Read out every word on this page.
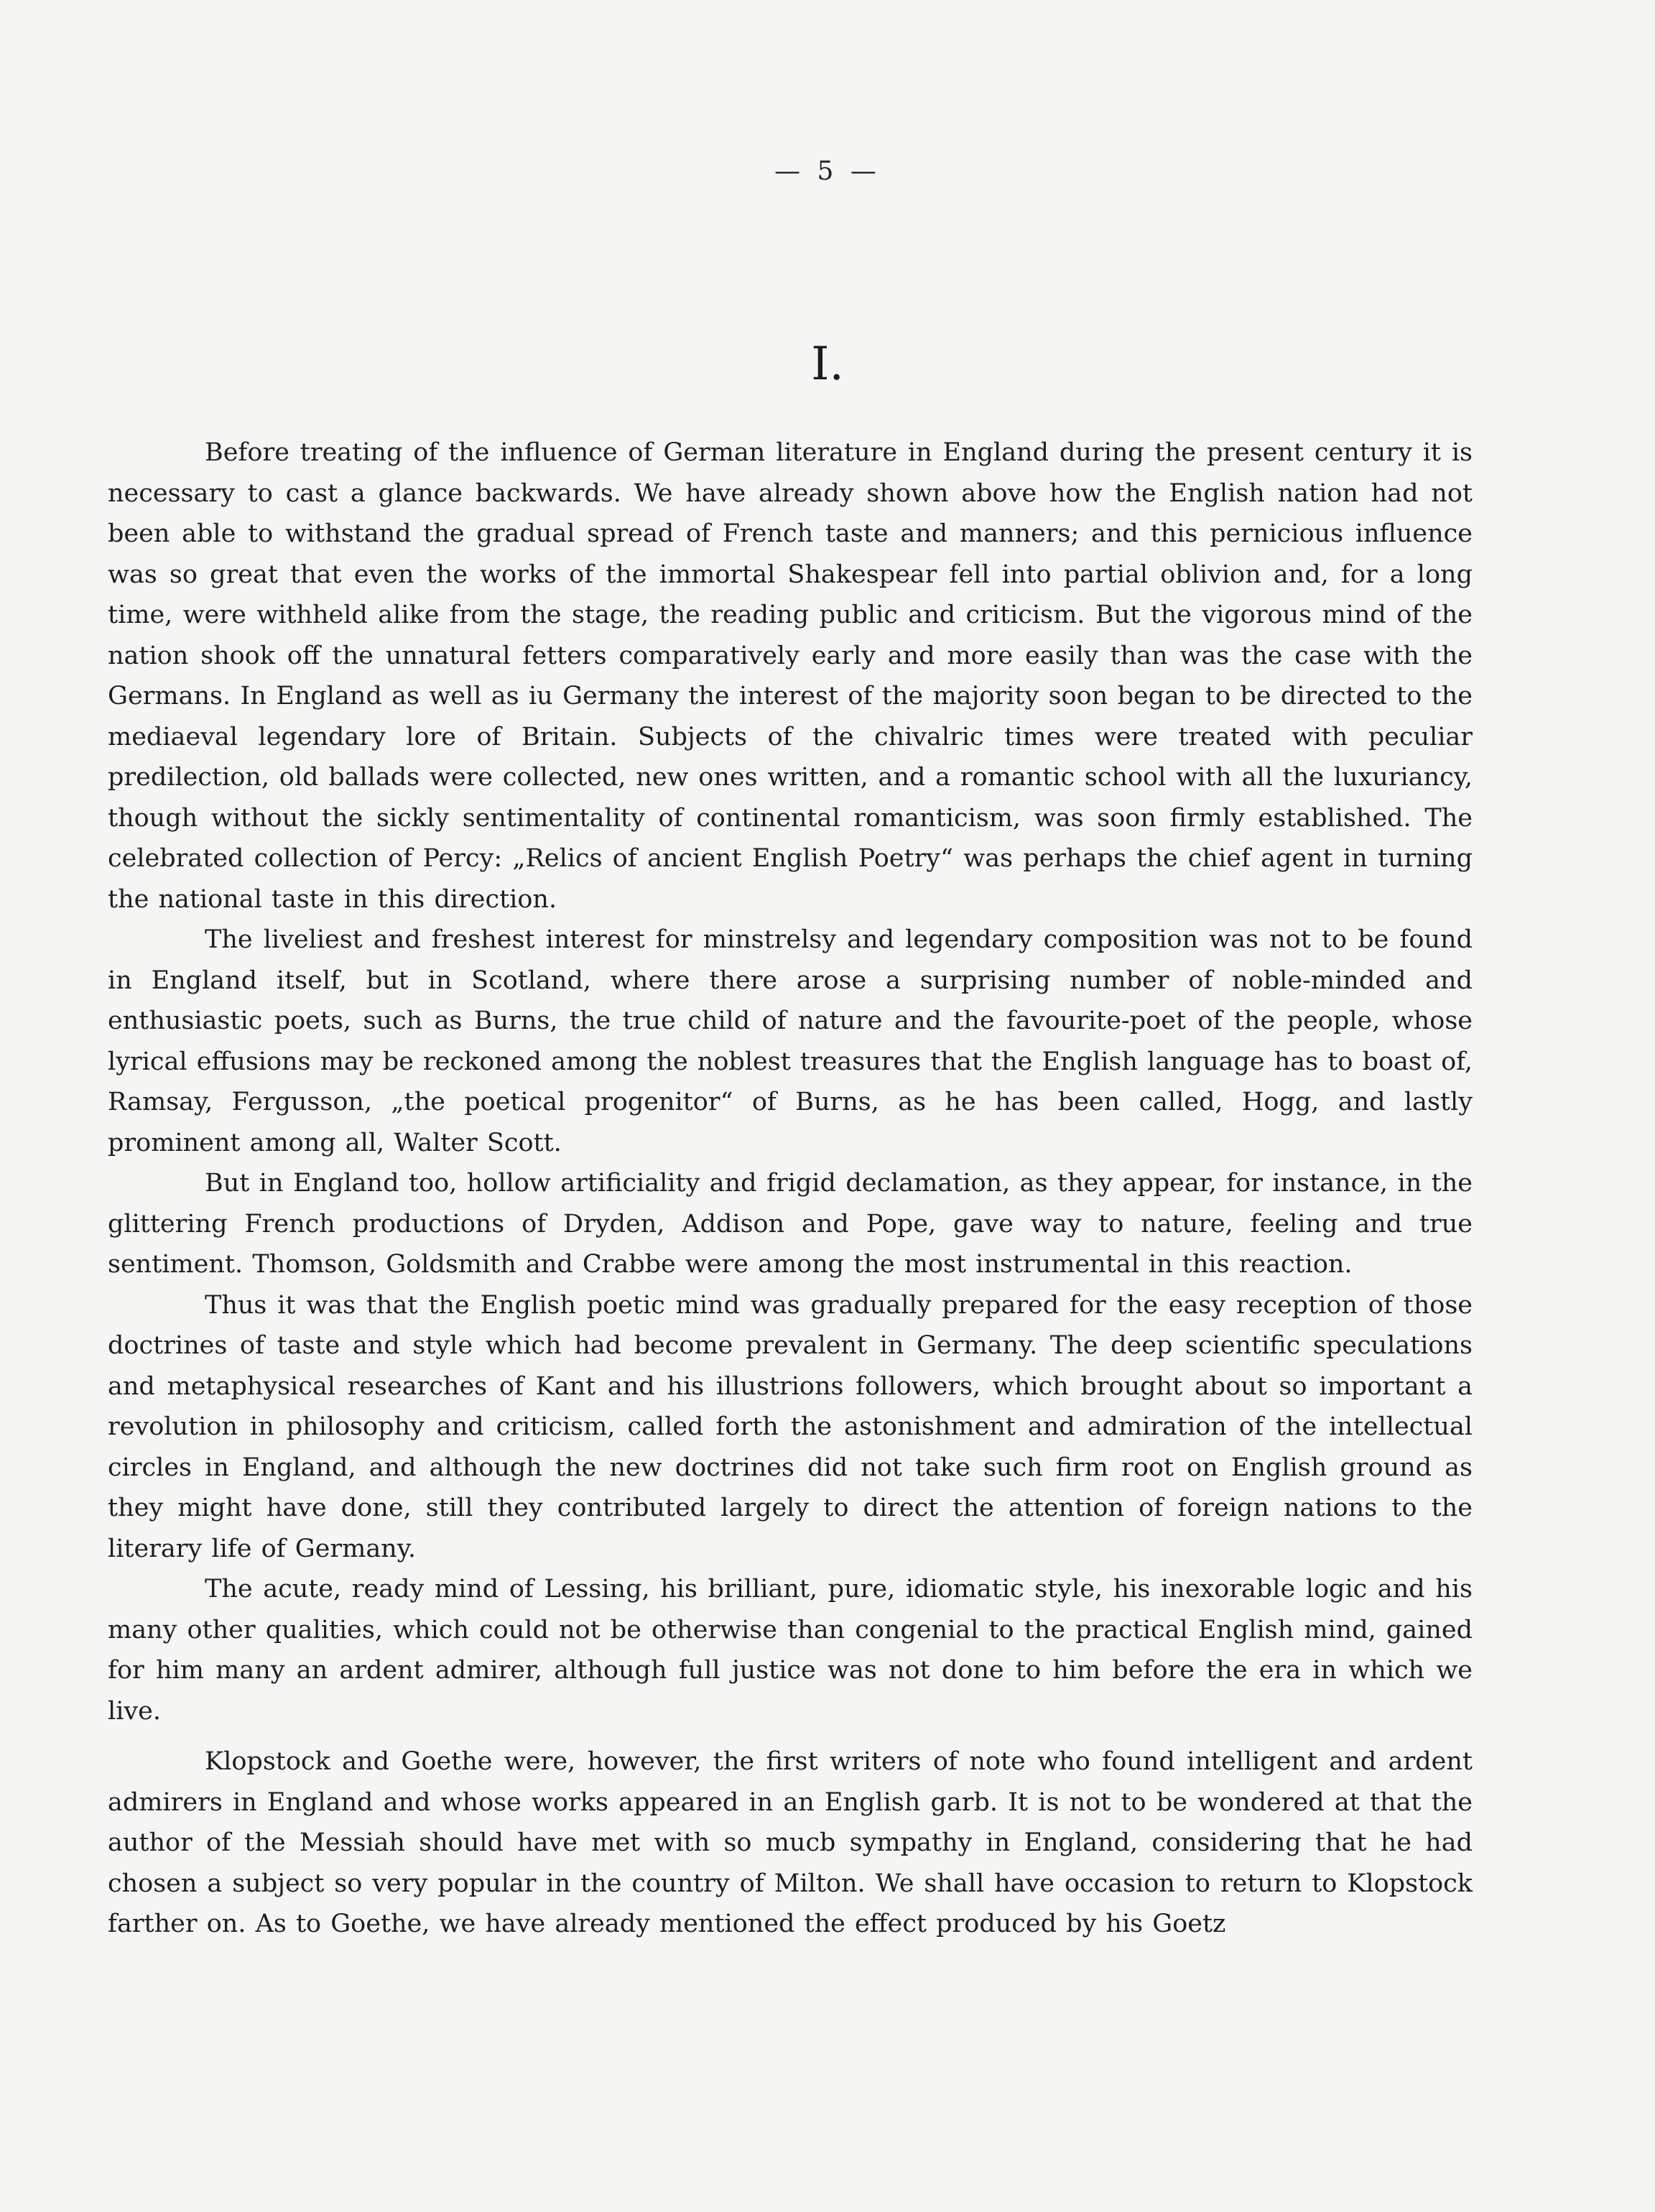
— 5 —
I.

Before treating of the influence of German literature in England during the present century it is necessary to cast a glance backwards. We have already shown above how the English nation had not been able to withstand the gradual spread of French taste and manners; and this pernicious influence was so great that even the works of the immortal Shakespear fell into partial oblivion and, for a long time, were withheld alike from the stage, the reading public and criticism. But the vigorous mind of the nation shook off the unnatural fetters comparatively early and more easily than was the case with the Germans. In England as well as iu Germany the interest of the majority soon began to be directed to the mediaeval legendary lore of Britain. Subjects of the chivalric times were treated with peculiar predilection, old ballads were collected, new ones written, and a romantic school with all the luxuriancy, though without the sickly sentimentality of continental romanticism, was soon firmly established. The celebrated collection of Percy: „Relics of ancient English Poetry“ was perhaps the chief agent in turning the national taste in this direction.

The liveliest and freshest interest for minstrelsy and legendary composition was not to be found in England itself, but in Scotland, where there arose a surprising number of noble-minded and enthusiastic poets, such as Burns, the true child of nature and the favourite-poet of the people, whose lyrical effusions may be reckoned among the noblest treasures that the English language has to boast of, Ramsay, Fergusson, „the poetical progenitor“ of Burns, as he has been called, Hogg, and lastly prominent among all, Walter Scott.

But in England too, hollow artificiality and frigid declamation, as they appear, for instance, in the glittering French productions of Dryden, Addison and Pope, gave way to nature, feeling and true sentiment. Thomson, Goldsmith and Crabbe were among the most instrumental in this reaction.

Thus it was that the English poetic mind was gradually prepared for the easy reception of those doctrines of taste and style which had become prevalent in Germany. The deep scientific speculations and metaphysical researches of Kant and his illustrions followers, which brought about so important a revolution in philosophy and criticism, called forth the astonishment and admiration of the intellectual circles in England, and although the new doctrines did not take such firm root on English ground as they might have done, still they contributed largely to direct the attention of foreign nations to the literary life of Germany.

The acute, ready mind of Lessing, his brilliant, pure, idiomatic style, his inexorable logic and his many other qualities, which could not be otherwise than congenial to the practical English mind, gained for him many an ardent admirer, although full justice was not done to him before the era in which we live.

Klopstock and Goethe were, however, the first writers of note who found intelligent and ardent admirers in England and whose works appeared in an English garb. It is not to be wondered at that the author of the Messiah should have met with so mucb sympathy in England, considering that he had chosen a subject so very popular in the country of Milton. We shall have occasion to return to Klopstock farther on. As to Goethe, we have already mentioned the effect produced by his Goetz
